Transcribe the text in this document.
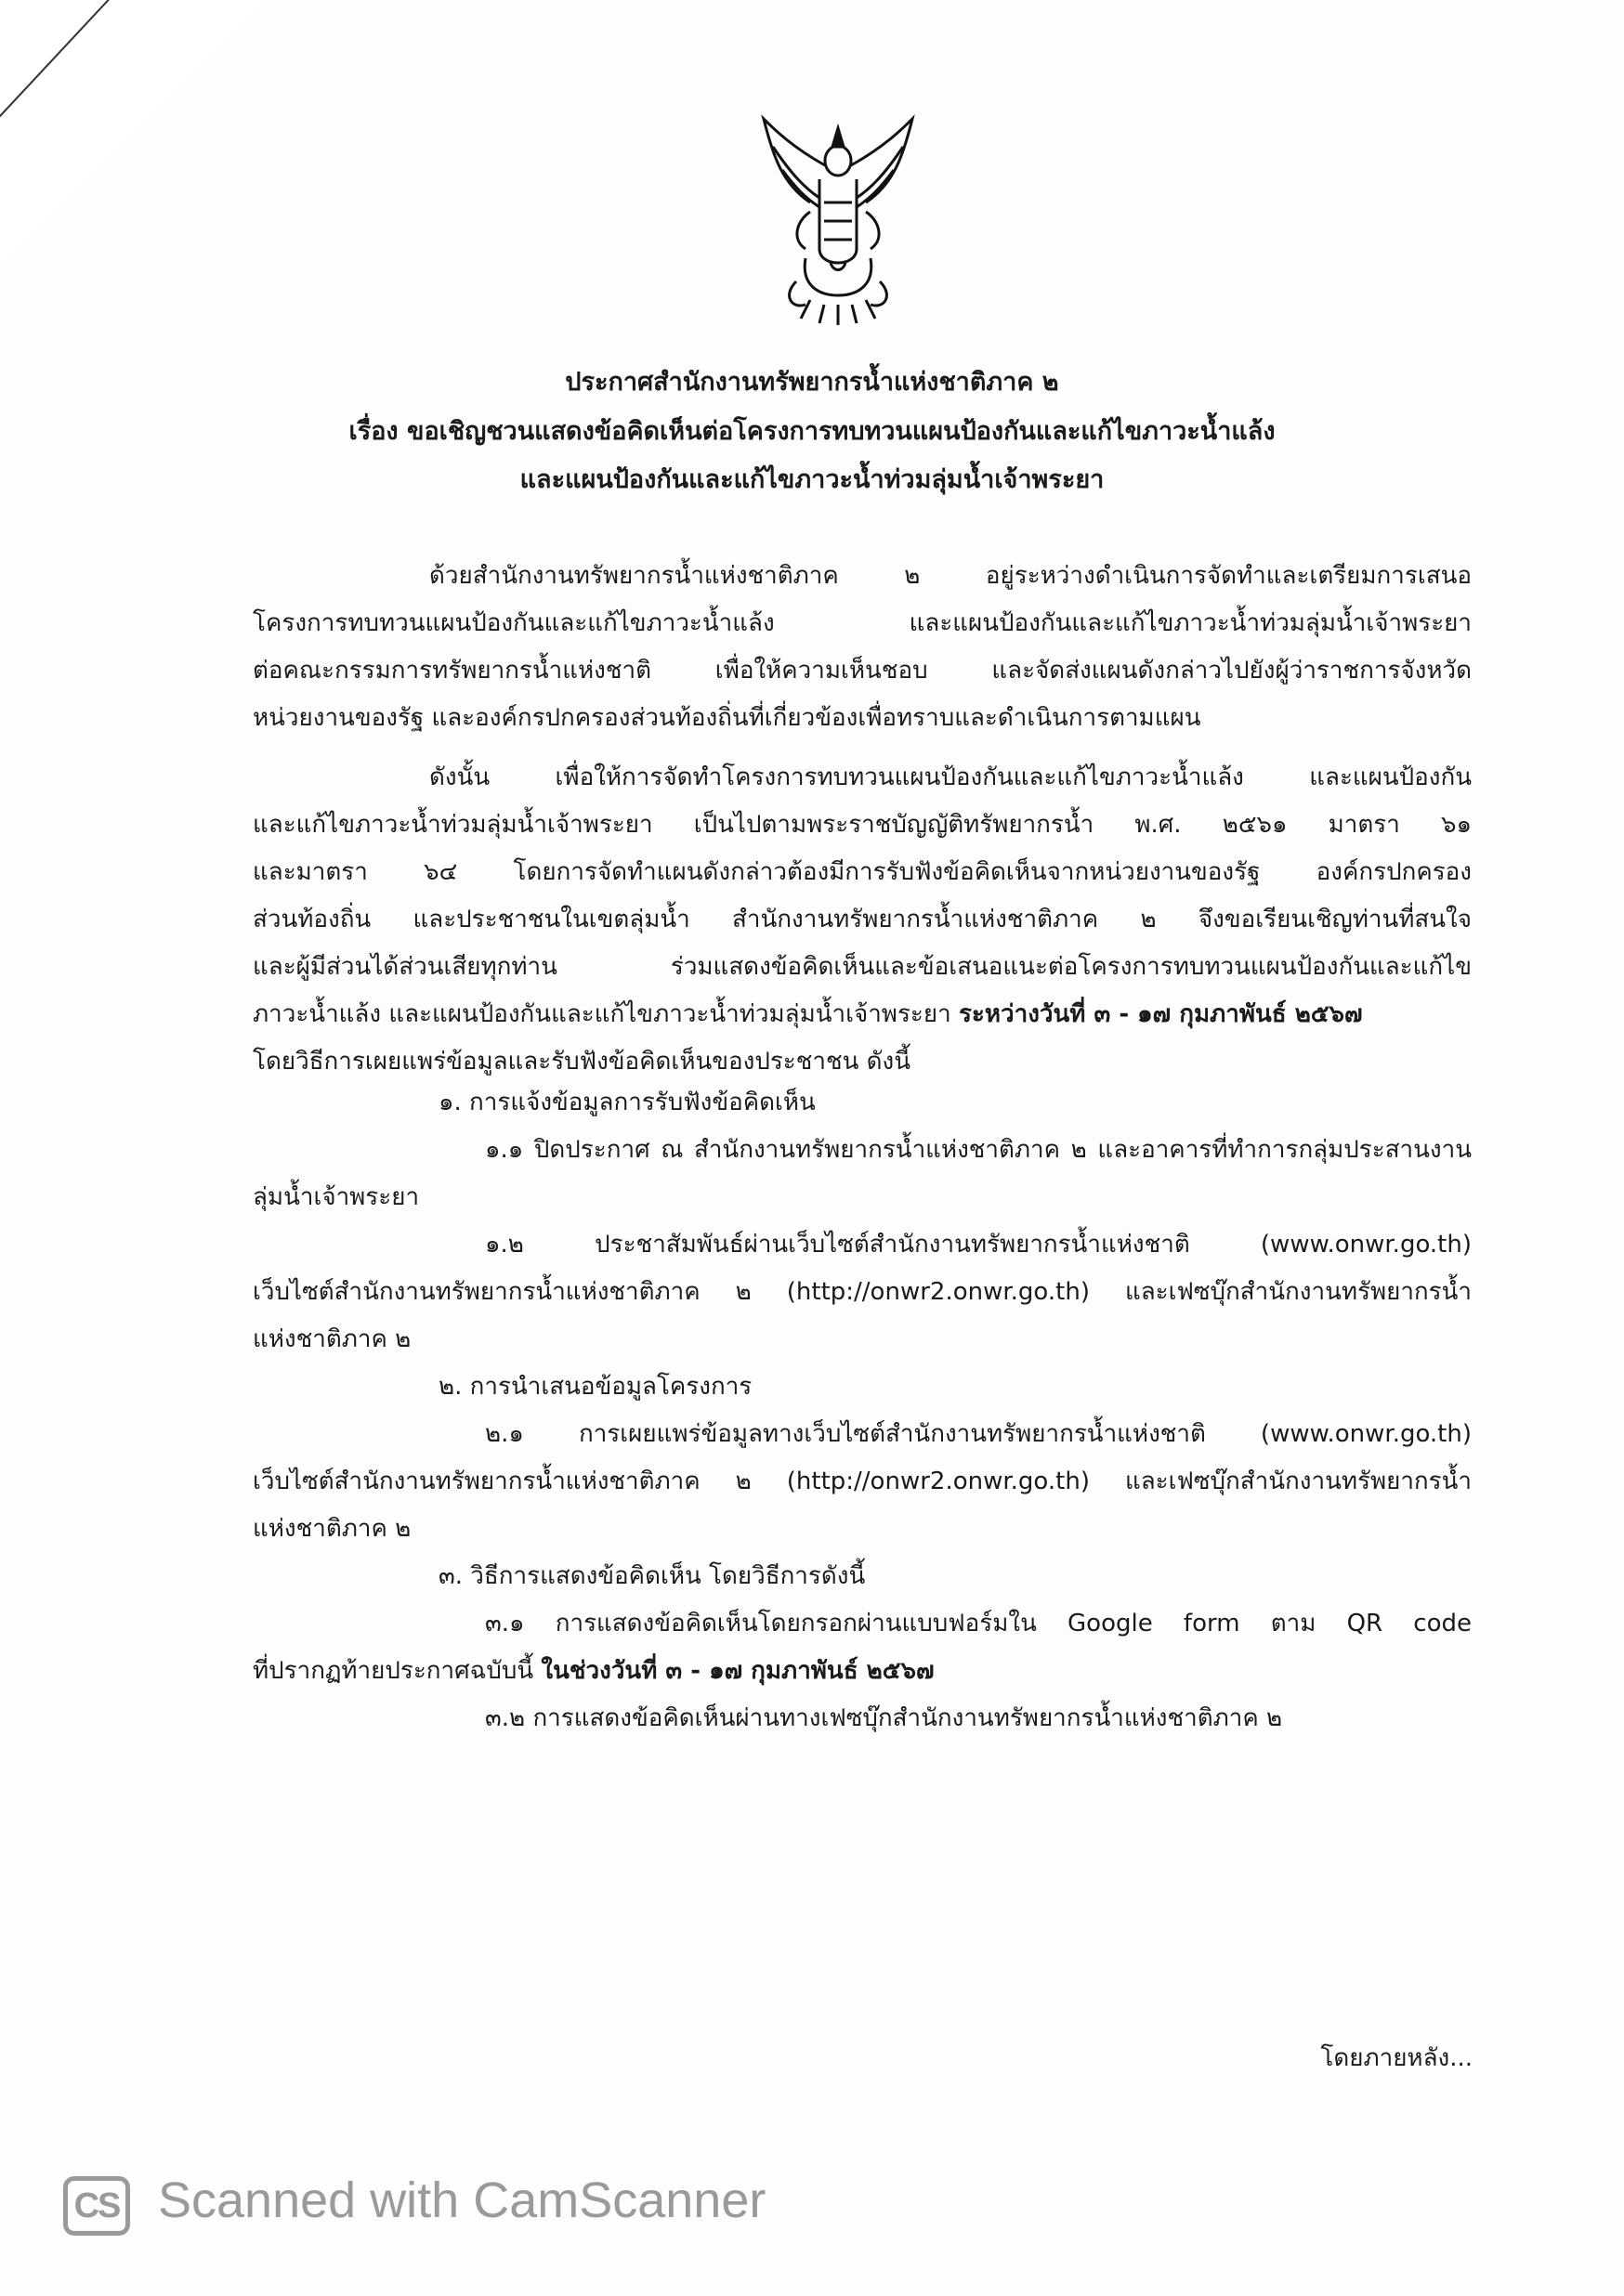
ประกาศสำนักงานทรัพยากรน้ำแห่งชาติภาค ๒
เรื่อง ขอเชิญชวนแสดงข้อคิดเห็นต่อโครงการทบทวนแผนป้องกันและแก้ไขภาวะน้ำแล้ง
และแผนป้องกันและแก้ไขภาวะน้ำท่วมลุ่มน้ำเจ้าพระยา
ด้วยสำนักงานทรัพยากรน้ำแห่งชาติภาค ๒ อยู่ระหว่างดำเนินการจัดทำและเตรียมการเสนอ
โครงการทบทวนแผนป้องกันและแก้ไขภาวะน้ำแล้ง และแผนป้องกันและแก้ไขภาวะน้ำท่วมลุ่มน้ำเจ้าพระยา
ต่อคณะกรรมการทรัพยากรน้ำแห่งชาติ เพื่อให้ความเห็นชอบ และจัดส่งแผนดังกล่าวไปยังผู้ว่าราชการจังหวัด
หน่วยงานของรัฐ และองค์กรปกครองส่วนท้องถิ่นที่เกี่ยวข้องเพื่อทราบและดำเนินการตามแผน
ดังนั้น เพื่อให้การจัดทำโครงการทบทวนแผนป้องกันและแก้ไขภาวะน้ำแล้ง และแผนป้องกัน
และแก้ไขภาวะน้ำท่วมลุ่มน้ำเจ้าพระยา เป็นไปตามพระราชบัญญัติทรัพยากรน้ำ พ.ศ. ๒๕๖๑ มาตรา ๖๑
และมาตรา ๖๔ โดยการจัดทำแผนดังกล่าวต้องมีการรับฟังข้อคิดเห็นจากหน่วยงานของรัฐ องค์กรปกครอง
ส่วนท้องถิ่น และประชาชนในเขตลุ่มน้ำ สำนักงานทรัพยากรน้ำแห่งชาติภาค ๒ จึงขอเรียนเชิญท่านที่สนใจ
และผู้มีส่วนได้ส่วนเสียทุกท่าน ร่วมแสดงข้อคิดเห็นและข้อเสนอแนะต่อโครงการทบทวนแผนป้องกันและแก้ไข
ภาวะน้ำแล้ง และแผนป้องกันและแก้ไขภาวะน้ำท่วมลุ่มน้ำเจ้าพระยา ระหว่างวันที่ ๓ - ๑๗ กุมภาพันธ์ ๒๕๖๗
โดยวิธีการเผยแพร่ข้อมูลและรับฟังข้อคิดเห็นของประชาชน ดังนี้
๑. การแจ้งข้อมูลการรับฟังข้อคิดเห็น
๑.๑ ปิดประกาศ ณ สำนักงานทรัพยากรน้ำแห่งชาติภาค ๒ และอาคารที่ทำการกลุ่มประสานงาน
ลุ่มน้ำเจ้าพระยา
๑.๒ ประชาสัมพันธ์ผ่านเว็บไซต์สำนักงานทรัพยากรน้ำแห่งชาติ (www.onwr.go.th)
เว็บไซต์สำนักงานทรัพยากรน้ำแห่งชาติภาค ๒ (http://onwr2.onwr.go.th) และเฟซบุ๊กสำนักงานทรัพยากรน้ำ
แห่งชาติภาค ๒
๒. การนำเสนอข้อมูลโครงการ
๒.๑ การเผยแพร่ข้อมูลทางเว็บไซต์สำนักงานทรัพยากรน้ำแห่งชาติ (www.onwr.go.th)
เว็บไซต์สำนักงานทรัพยากรน้ำแห่งชาติภาค ๒ (http://onwr2.onwr.go.th) และเฟซบุ๊กสำนักงานทรัพยากรน้ำ
แห่งชาติภาค ๒
๓. วิธีการแสดงข้อคิดเห็น โดยวิธีการดังนี้
๓.๑ การแสดงข้อคิดเห็นโดยกรอกผ่านแบบฟอร์มใน Google form ตาม QR code
ที่ปรากฏท้ายประกาศฉบับนี้ ในช่วงวันที่ ๓ - ๑๗ กุมภาพันธ์ ๒๕๖๗
๓.๒ การแสดงข้อคิดเห็นผ่านทางเฟซบุ๊กสำนักงานทรัพยากรน้ำแห่งชาติภาค ๒
โดยภายหลัง...
CS Scanned with CamScanner
